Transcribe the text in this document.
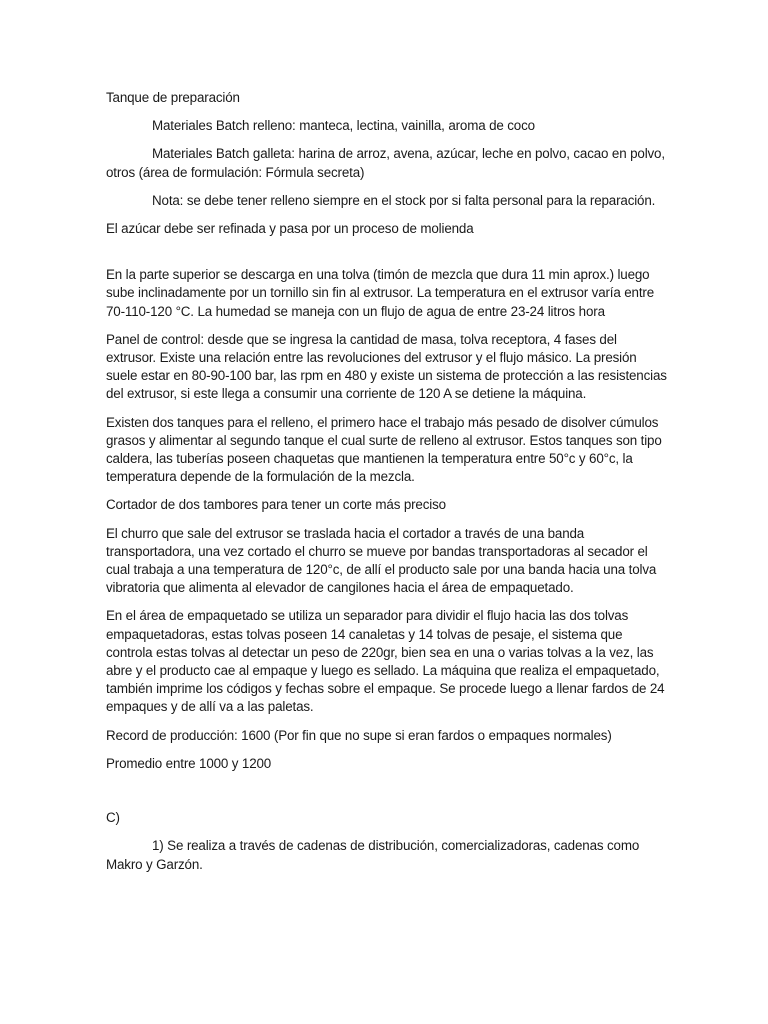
Tanque de preparación

Materiales Batch relleno: manteca, lectina, vainilla, aroma de coco

Materiales Batch galleta: harina de arroz, avena, azúcar, leche en polvo, cacao en polvo, otros (área de formulación: Fórmula secreta)

Nota: se debe tener relleno siempre en el stock por si falta personal para la reparación.

El azúcar debe ser refinada y pasa por un proceso de molienda

En la parte superior se descarga en una tolva (timón de mezcla que dura 11 min aprox.) luego sube inclinadamente por un tornillo sin fin al extrusor. La temperatura en el extrusor varía entre 70-110-120 °C. La humedad se maneja con un flujo de agua de entre 23-24 litros hora

Panel de control: desde que se ingresa la cantidad de masa, tolva receptora, 4 fases del extrusor. Existe una relación entre las revoluciones del extrusor y el flujo másico. La presión suele estar en 80-90-100 bar, las rpm en 480 y existe un sistema de protección a las resistencias del extrusor, si este llega a consumir una corriente de 120 A se detiene la máquina.

Existen dos tanques para el relleno, el primero hace el trabajo más pesado de disolver cúmulos grasos y alimentar al segundo tanque el cual surte de relleno al extrusor. Estos tanques son tipo caldera, las tuberías poseen chaquetas que mantienen la temperatura entre 50°c y 60°c, la temperatura depende de la formulación de la mezcla.

Cortador de dos tambores para tener un corte más preciso

El churro que sale del extrusor se traslada hacia el cortador a través de una banda transportadora, una vez cortado el churro se mueve por bandas transportadoras al secador el cual trabaja a una temperatura de 120°c, de allí el producto sale por una banda hacia una tolva vibratoria que alimenta al elevador de cangilones hacia el área de empaquetado.

En el área de empaquetado se utiliza un separador para dividir el flujo hacia las dos tolvas empaquetadoras, estas tolvas poseen 14 canaletas y 14 tolvas de pesaje, el sistema que controla estas tolvas al detectar un peso de 220gr, bien sea en una o varias tolvas a la vez, las abre y el producto cae al empaque y luego es sellado. La máquina que realiza el empaquetado, también imprime los códigos y fechas sobre el empaque. Se procede luego a llenar fardos de 24 empaques y de allí va a las paletas.

Record de producción: 1600 (Por fin que no supe si eran fardos o empaques normales)

Promedio entre 1000 y 1200

C)

1) Se realiza a través de cadenas de distribución, comercializadoras, cadenas como Makro y Garzón.
